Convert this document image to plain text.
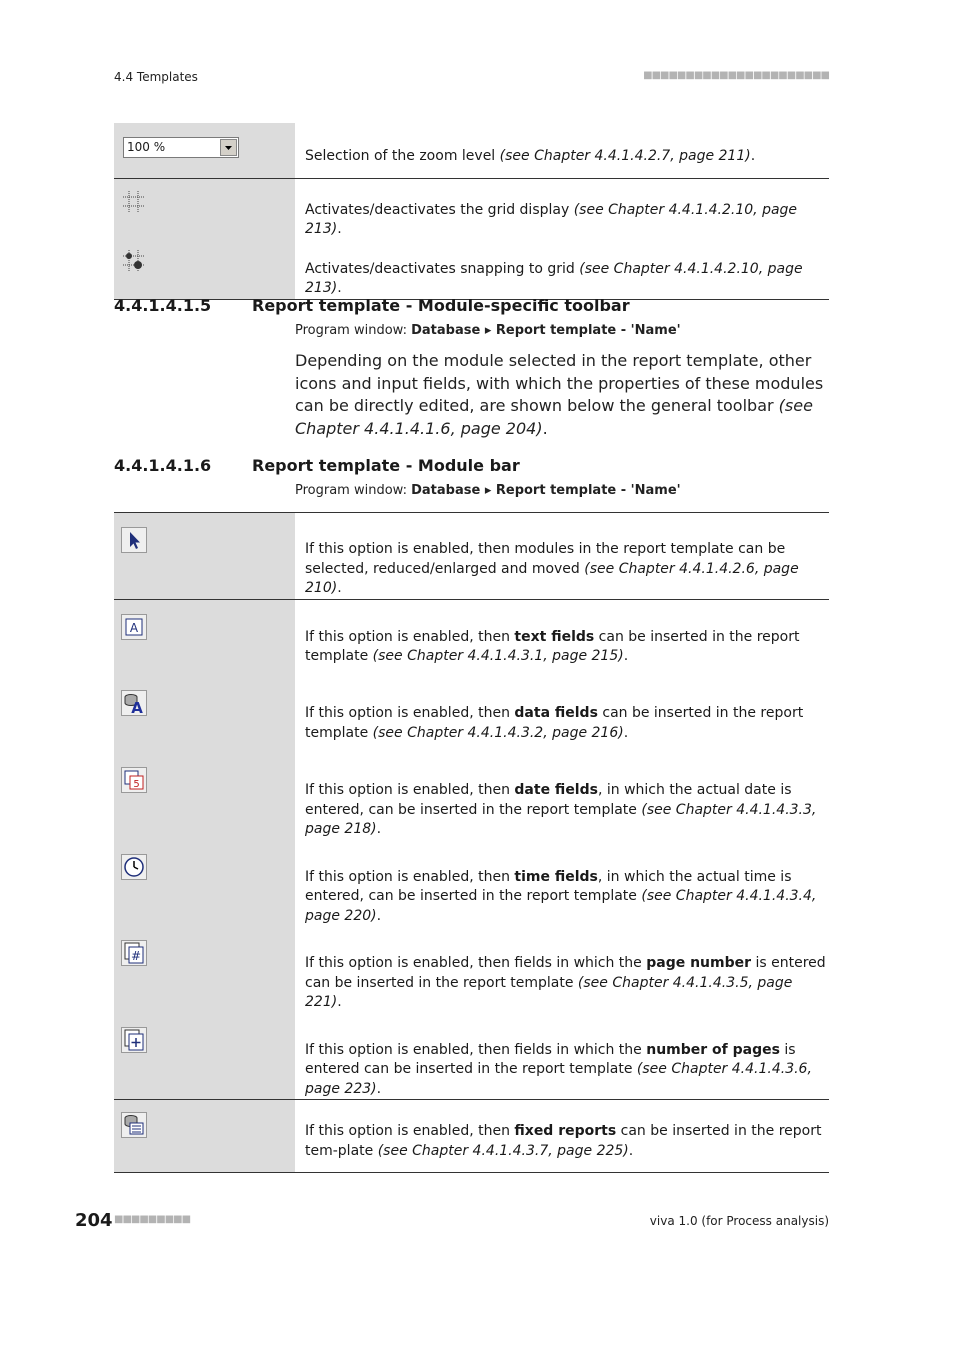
4.4 Templates	■■■■■■■■■■■■■■■■■■■■■■
100 %	Selection of the zoom level (see Chapter 4.4.1.4.2.7, page 211).

	Activates/deactivates the grid display (see Chapter 4.4.1.4.2.10, page 213).

	Activates/deactivates snapping to grid (see Chapter 4.4.1.4.2.10, page 213).
4.4.1.4.1.5	Report template - Module-specific toolbar
Program window: Database ▸ Report template - 'Name'
Depending on the module selected in the report template, other icons and input fields, with which the properties of these modules can be directly edited, are shown below the general toolbar (see Chapter 4.4.1.4.1.6, page 204).
4.4.1.4.1.6	Report template - Module bar
Program window: Database ▸ Report template - 'Name'
	If this option is enabled, then modules in the report template can be selected, reduced/enlarged and moved (see Chapter 4.4.1.4.2.6, page 210).

A	If this option is enabled, then text fields can be inserted in the report template (see Chapter 4.4.1.4.3.1, page 215).

A	If this option is enabled, then data fields can be inserted in the report template (see Chapter 4.4.1.4.3.2, page 216).

5	If this option is enabled, then date fields, in which the actual date is entered, can be inserted in the report template (see Chapter 4.4.1.4.3.3, page 218).

	If this option is enabled, then time fields, in which the actual time is entered, can be inserted in the report template (see Chapter 4.4.1.4.3.4, page 220).

#	If this option is enabled, then fields in which the page number is entered can be inserted in the report template (see Chapter 4.4.1.4.3.5, page 221).

	If this option is enabled, then fields in which the number of pages is entered can be inserted in the report template (see Chapter 4.4.1.4.3.6, page 223).

	If this option is enabled, then fixed reports can be inserted in the report tem-plate (see Chapter 4.4.1.4.3.7, page 225).
204 ■■■■■■■■■	viva 1.0 (for Process analysis)
